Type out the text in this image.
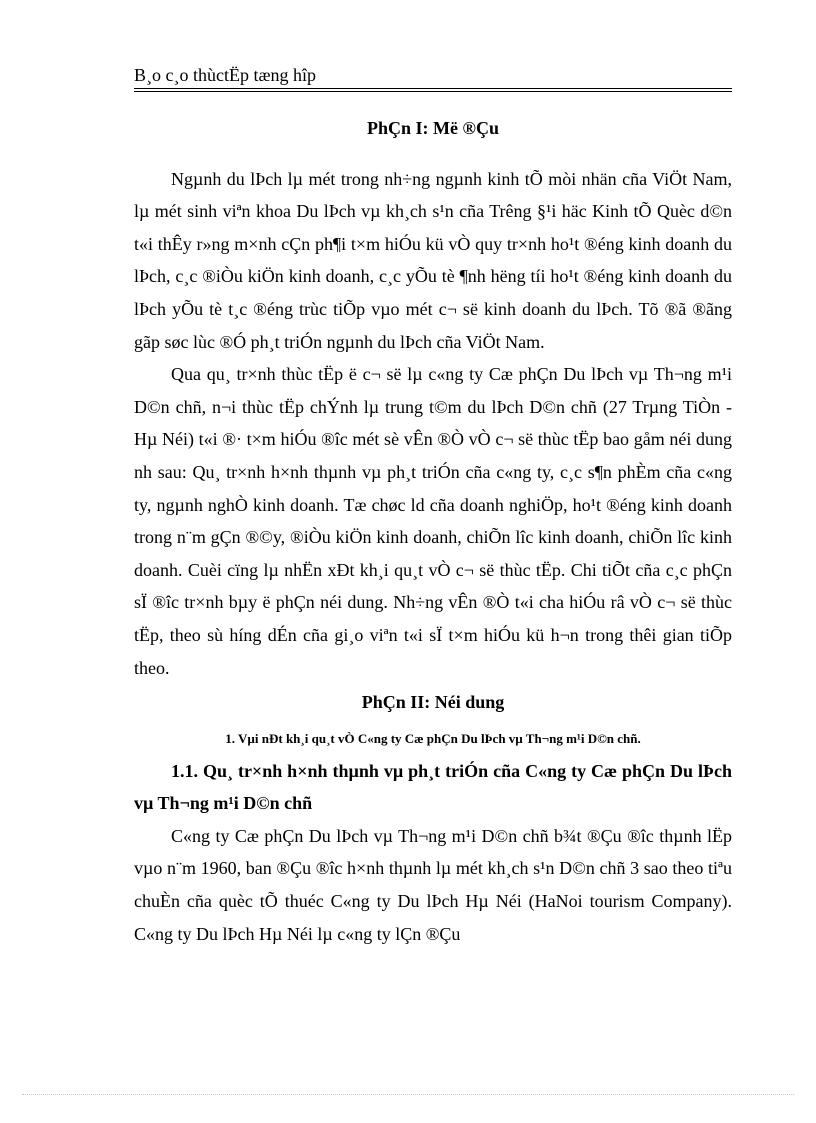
B¸o c¸o thùctËp tæng hîp
PhÇn I: Më ®Çu

Ngµnh du lÞch lµ mét trong nh÷ng ngµnh kinh tÕ mòi nhän cña ViÖt Nam, lµ mét sinh viªn khoa Du lÞch vµ kh¸ch s¹n cña Trêng §¹i häc Kinh tÕ Quèc d©n t«i thÊy r»ng m×nh cÇn ph¶i t×m hiÓu kü vÒ quy tr×nh ho¹t ®éng kinh doanh du lÞch, c¸c ®iÒu kiÖn kinh doanh, c¸c yÕu tè ¶nh hëng tíi ho¹t ®éng kinh doanh du lÞch yÕu tè t¸c ®éng trùc tiÕp vµo mét c¬ së kinh doanh du lÞch. Tõ ®ã ®ãng gãp søc lùc ®Ó ph¸t triÓn ngµnh du lÞch cña ViÖt Nam.

Qua qu¸ tr×nh thùc tËp ë c¬ së lµ c«ng ty Cæ phÇn Du lÞch vµ Th¬ng m¹i D©n chñ, n¬i thùc tËp chÝnh lµ trung t©m du lÞch D©n chñ (27 Trµng TiÒn - Hµ Néi) t«i ®· t×m hiÓu ®îc mét sè vÊn ®Ò vÒ c¬ së thùc tËp bao gåm néi dung nh sau: Qu¸ tr×nh h×nh thµnh vµ ph¸t triÓn cña c«ng ty, c¸c s¶n phÈm cña c«ng ty, ngµnh nghÒ kinh doanh. Tæ chøc ld cña doanh nghiÖp, ho¹t ®éng kinh doanh trong n¨m gÇn ®©y, ®iÒu kiÖn kinh doanh, chiÕn lîc kinh doanh, chiÕn lîc kinh doanh. Cuèi cïng lµ nhËn xÐt kh¸i qu¸t vÒ c¬ së thùc tËp. Chi tiÕt cña c¸c phÇn sÏ ®îc tr×nh bµy ë phÇn néi dung. Nh÷ng vÊn ®Ò t«i cha hiÓu râ vÒ c¬ së thùc tËp, theo sù híng dÉn cña gi¸o viªn t«i sÏ t×m hiÓu kü h¬n trong thêi gian tiÕp theo.

PhÇn II: Néi dung
1. Vµi nÐt kh¸i qu¸t vÒ C«ng ty Cæ phÇn Du lÞch vµ Th¬ng m¹i D©n chñ.
1.1. Qu¸ tr×nh h×nh thµnh vµ ph¸t triÓn cña C«ng ty Cæ phÇn Du lÞch vµ Th¬ng m¹i D©n chñ

C«ng ty Cæ phÇn Du lÞch vµ Th¬ng m¹i D©n chñ b¾t ®Çu ®îc thµnh lËp vµo n¨m 1960, ban ®Çu ®îc h×nh thµnh lµ mét kh¸ch s¹n D©n chñ 3 sao theo tiªu chuÈn cña quèc tÕ thuéc C«ng ty Du lÞch Hµ Néi (HaNoi tourism Company). C«ng ty Du lÞch Hµ Néi lµ c«ng ty lÇn ®Çu
